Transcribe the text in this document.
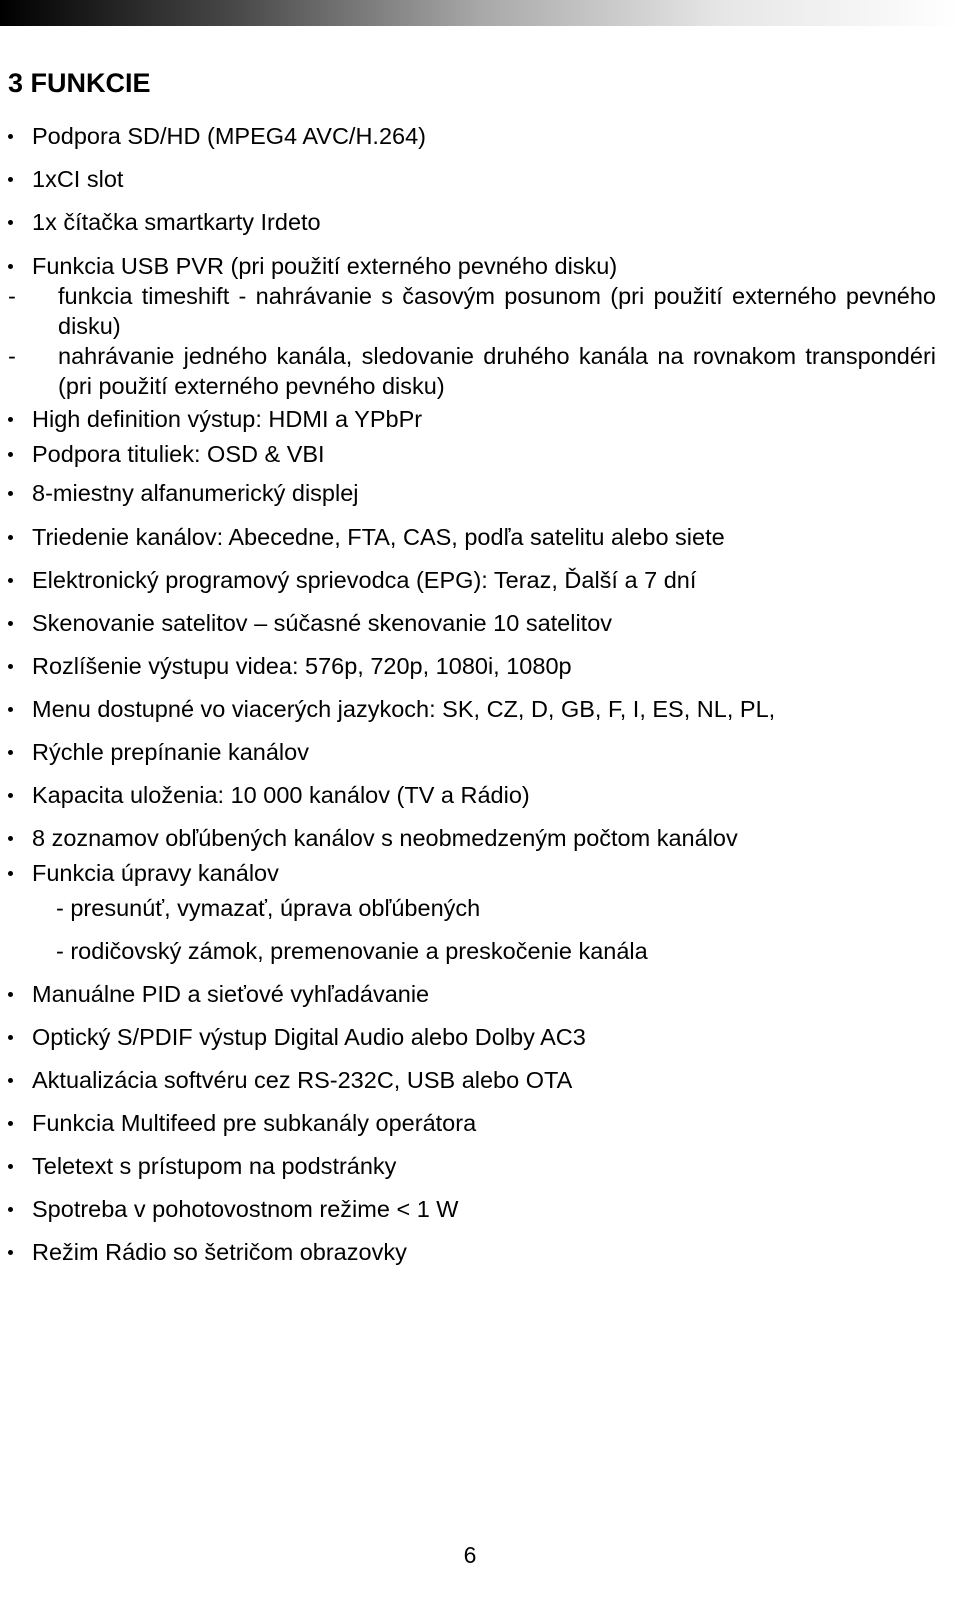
3 FUNKCIE
Podpora SD/HD (MPEG4 AVC/H.264)
1xCI slot
1x čítačka smartkarty Irdeto
Funkcia USB PVR (pri použití externého pevného disku)
- funkcia timeshift - nahrávanie s časovým posunom (pri použití externého pevného disku)
- nahrávanie jedného kanála, sledovanie druhého kanála na rovnakom transpondéri (pri použití externého pevného disku)
High definition výstup: HDMI a YPbPr
Podpora tituliek: OSD & VBI
8-miestny alfanumerický displej
Triedenie kanálov: Abecedne, FTA, CAS, podľa satelitu alebo siete
Elektronický programový sprievodca (EPG): Teraz, Ďalší a 7 dní
Skenovanie satelitov – súčasné skenovanie 10 satelitov
Rozlíšenie výstupu videa: 576p, 720p, 1080i, 1080p
Menu dostupné vo viacerých jazykoch: SK, CZ, D, GB, F, I, ES, NL, PL,
Rýchle prepínanie kanálov
Kapacita uloženia: 10 000 kanálov (TV a Rádio)
8 zoznamov obľúbených kanálov s neobmedzeným počtom kanálov
Funkcia úpravy kanálov
- presunúť, vymazať, úprava obľúbených
- rodičovský zámok, premenovanie a preskočenie kanála
Manuálne PID a sieťové vyhľadávanie
Optický S/PDIF výstup Digital Audio alebo Dolby AC3
Aktualizácia softvéru cez RS-232C, USB alebo OTA
Funkcia Multifeed pre subkanály operátora
Teletext s prístupom na podstránky
Spotreba v pohotovostnom režime < 1 W
Režim Rádio so šetričom obrazovky
6
